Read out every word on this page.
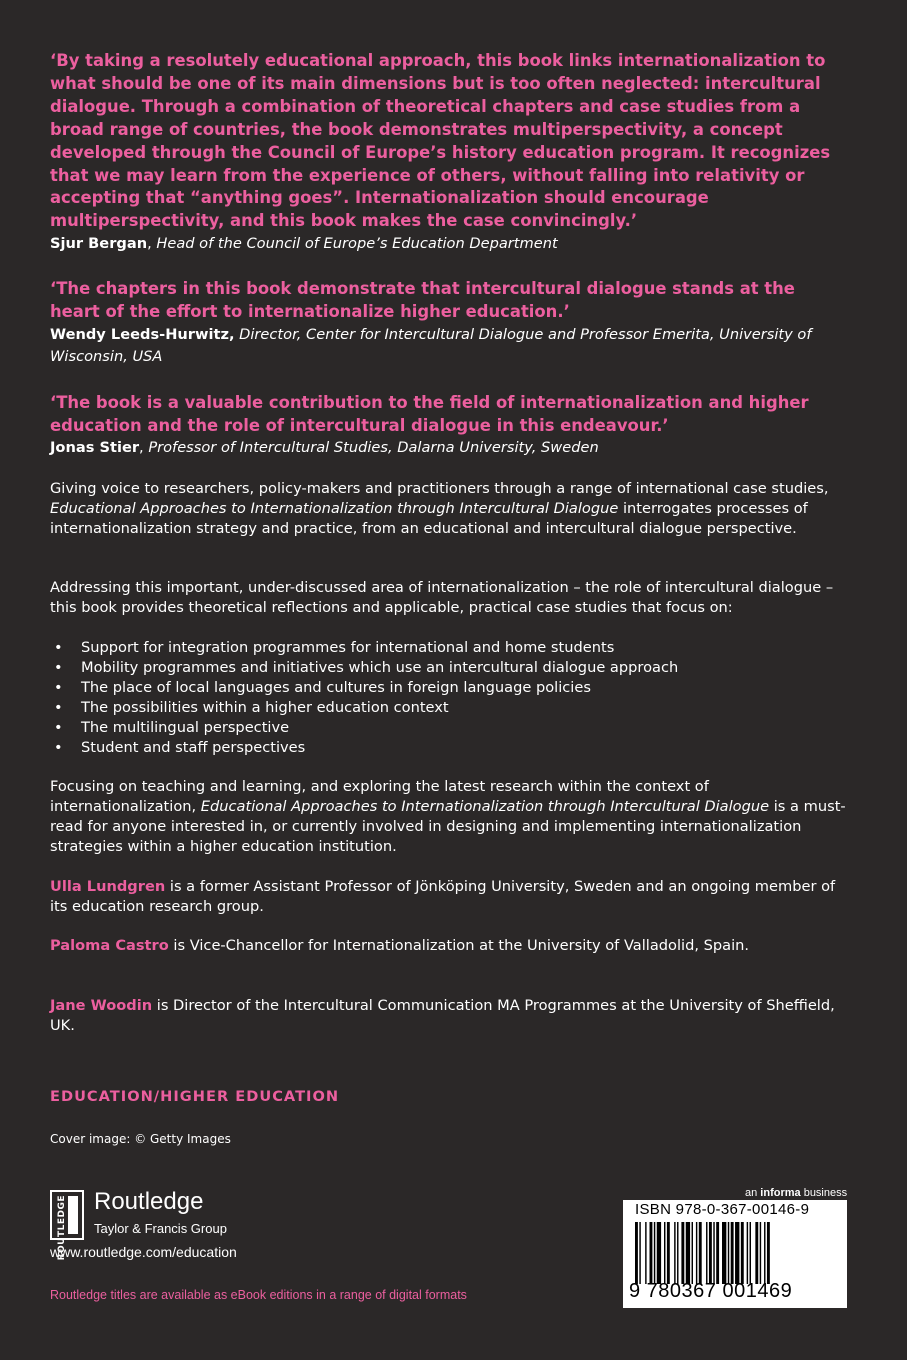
‘By taking a resolutely educational approach, this book links internationalization to what should be one of its main dimensions but is too often neglected: intercultural dialogue. Through a combination of theoretical chapters and case studies from a broad range of countries, the book demonstrates multiperspectivity, a concept developed through the Council of Europe’s history education program. It recognizes that we may learn from the experience of others, without falling into relativity or accepting that “anything goes”. Internationalization should encourage multiperspectivity, and this book makes the case convincingly.’

Sjur Bergan, Head of the Council of Europe’s Education Department

‘The chapters in this book demonstrate that intercultural dialogue stands at the heart of the effort to internationalize higher education.’

Wendy Leeds-Hurwitz, Director, Center for Intercultural Dialogue and Professor Emerita, University of Wisconsin, USA

‘The book is a valuable contribution to the field of internationalization and higher education and the role of intercultural dialogue in this endeavour.’

Jonas Stier, Professor of Intercultural Studies, Dalarna University, Sweden

Giving voice to researchers, policy-makers and practitioners through a range of international case studies, Educational Approaches to Internationalization through Intercultural Dialogue interrogates processes of internationalization strategy and practice, from an educational and intercultural dialogue perspective.

Addressing this important, under-discussed area of internationalization – the role of intercultural dialogue – this book provides theoretical reflections and applicable, practical case studies that focus on:

• Support for integration programmes for international and home students
• Mobility programmes and initiatives which use an intercultural dialogue approach
• The place of local languages and cultures in foreign language policies
• The possibilities within a higher education context
• The multilingual perspective
• Student and staff perspectives

Focusing on teaching and learning, and exploring the latest research within the context of internationalization, Educational Approaches to Internationalization through Intercultural Dialogue is a must-read for anyone interested in, or currently involved in designing and implementing internationalization strategies within a higher education institution.

Ulla Lundgren is a former Assistant Professor of Jönköping University, Sweden and an ongoing member of its education research group.

Paloma Castro is Vice-Chancellor for Internationalization at the University of Valladolid, Spain.

Jane Woodin is Director of the Intercultural Communication MA Programmes at the University of Sheffield, UK.

EDUCATION/HIGHER EDUCATION
Cover image: © Getty Images
ROUTLEDGE Routledge
Taylor & Francis Group
www.routledge.com/education
Routledge titles are available as eBook editions in a range of digital formats
an informa business
ISBN 978-0-367-00146-9
9 780367 001469
